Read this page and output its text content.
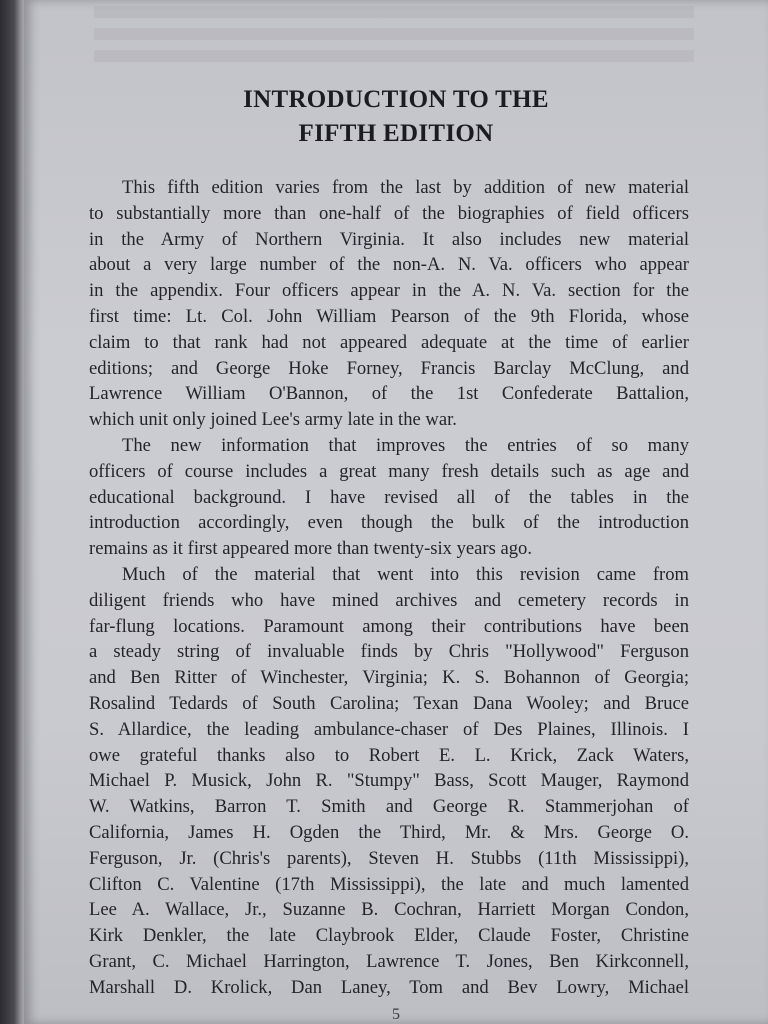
INTRODUCTION TO THE
FIFTH EDITION
This fifth edition varies from the last by addition of new material
to substantially more than one-half of the biographies of field officers
in the Army of Northern Virginia. It also includes new material
about a very large number of the non-A. N. Va. officers who appear
in the appendix. Four officers appear in the A. N. Va. section for the
first time: Lt. Col. John William Pearson of the 9th Florida, whose
claim to that rank had not appeared adequate at the time of earlier
editions; and George Hoke Forney, Francis Barclay McClung, and
Lawrence William O'Bannon, of the 1st Confederate Battalion,
which unit only joined Lee's army late in the war.
The new information that improves the entries of so many
officers of course includes a great many fresh details such as age and
educational background. I have revised all of the tables in the
introduction accordingly, even though the bulk of the introduction
remains as it first appeared more than twenty-six years ago.
Much of the material that went into this revision came from
diligent friends who have mined archives and cemetery records in
far-flung locations. Paramount among their contributions have been
a steady string of invaluable finds by Chris "Hollywood" Ferguson
and Ben Ritter of Winchester, Virginia; K. S. Bohannon of Georgia;
Rosalind Tedards of South Carolina; Texan Dana Wooley; and Bruce
S. Allardice, the leading ambulance-chaser of Des Plaines, Illinois. I
owe grateful thanks also to Robert E. L. Krick, Zack Waters,
Michael P. Musick, John R. "Stumpy" Bass, Scott Mauger, Raymond
W. Watkins, Barron T. Smith and George R. Stammerjohan of
California, James H. Ogden the Third, Mr. & Mrs. George O.
Ferguson, Jr. (Chris's parents), Steven H. Stubbs (11th Mississippi),
Clifton C. Valentine (17th Mississippi), the late and much lamented
Lee A. Wallace, Jr., Suzanne B. Cochran, Harriett Morgan Condon,
Kirk Denkler, the late Claybrook Elder, Claude Foster, Christine
Grant, C. Michael Harrington, Lawrence T. Jones, Ben Kirkconnell,
Marshall D. Krolick, Dan Laney, Tom and Bev Lowry, Michael
5
